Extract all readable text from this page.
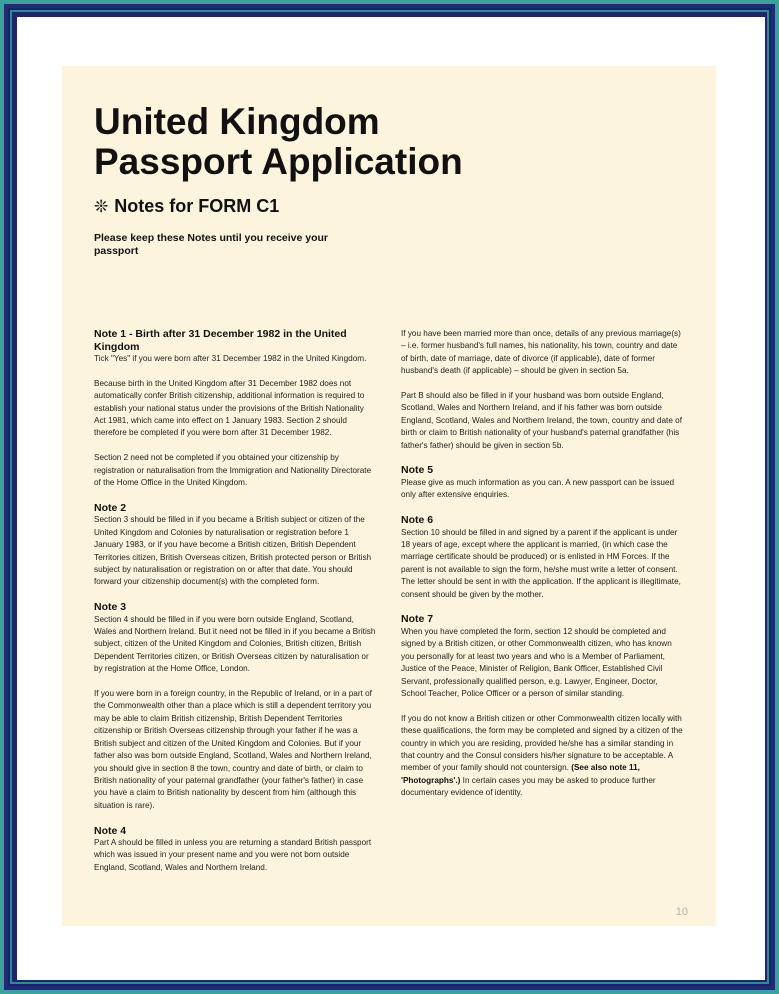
United Kingdom
Passport Application
❊ Notes for FORM C1
Please keep these Notes until you receive your passport
Note 1 - Birth after 31 December 1982 in the United Kingdom

Tick "Yes" if you were born after 31 December 1982 in the United Kingdom.

Because birth in the United Kingdom after 31 December 1982 does not automatically confer British citizenship, additional information is required to establish your national status under the provisions of the British Nationality Act 1981, which came into effect on 1 January 1983. Section 2 should therefore be completed if you were born after 31 December 1982.

Section 2 need not be completed if you obtained your citizenship by registration or naturalisation from the Immigration and Nationality Directorate of the Home Office in the United Kingdom.

Note 2

Section 3 should be filled in if you became a British subject or citizen of the United Kingdom and Colonies by naturalisation or registration before 1 January 1983, or if you have become a British citizen, British Dependent Territories citizen, British Overseas citizen, British protected person or British subject by naturalisation or registration on or after that date. You should forward your citizenship document(s) with the completed form.

Note 3

Section 4 should be filled in if you were born outside England, Scotland, Wales and Northern Ireland. But it need not be filled in if you became a British subject, citizen of the United Kingdom and Colonies, British citizen, British Dependent Territories citizen, or British Overseas citizen by naturalisation or by registration at the Home Office, London.

If you were born in a foreign country, in the Republic of Ireland, or in a part of the Commonwealth other than a place which is still a dependent territory you may be able to claim British citizenship, British Dependent Territories citizenship or British Overseas citizenship through your father if he was a British subject and citizen of the United Kingdom and Colonies. But if your father also was born outside England, Scotland, Wales and Northern Ireland, you should give in section 8 the town, country and date of birth, or claim to British nationality of your paternal grandfather (your father's father) in case you have a claim to British nationality by descent from him (although this situation is rare).

Note 4

Part A should be filled in unless you are returning a standard British passport which was issued in your present name and you were not born outside England, Scotland, Wales and Northern Ireland.

If you have been married more than once, details of any previous marriage(s) – i.e. former husband's full names, his nationality, his town, country and date of birth, date of marriage, date of divorce (if applicable), date of former husband's death (if applicable) – should be given in section 5a.

Part B should also be filled in if your husband was born outside England, Scotland, Wales and Northern Ireland, and if his father was born outside England, Scotland, Wales and Northern Ireland, the town, country and date of birth or claim to British nationality of your husband's paternal grandfather (his father's father) should be given in section 5b.

Note 5

Please give as much information as you can. A new passport can be issued only after extensive enquiries.

Note 6

Section 10 should be filled in and signed by a parent if the applicant is under 18 years of age, except where the applicant is married, (in which case the marriage certificate should be produced) or is enlisted in HM Forces. If the parent is not available to sign the form, he/she must write a letter of consent. The letter should be sent in with the application. If the applicant is illegitimate, consent should be given by the mother.

Note 7

When you have completed the form, section 12 should be completed and signed by a British citizen, or other Commonwealth citizen, who has known you personally for at least two years and who is a Member of Parliament, Justice of the Peace, Minister of Religion, Bank Officer, Established Civil Servant, professionally qualified person, e.g. Lawyer, Engineer, Doctor, School Teacher, Police Officer or a person of similar standing.

If you do not know a British citizen or other Commonwealth citizen locally with these qualifications, the form may be completed and signed by a citizen of the country in which you are residing, provided he/she has a similar standing in that country and the Consul considers his/her signature to be acceptable. A member of your family should not countersign. (See also note 11, 'Photographs'.) In certain cases you may be asked to produce further documentary evidence of identity.

10
